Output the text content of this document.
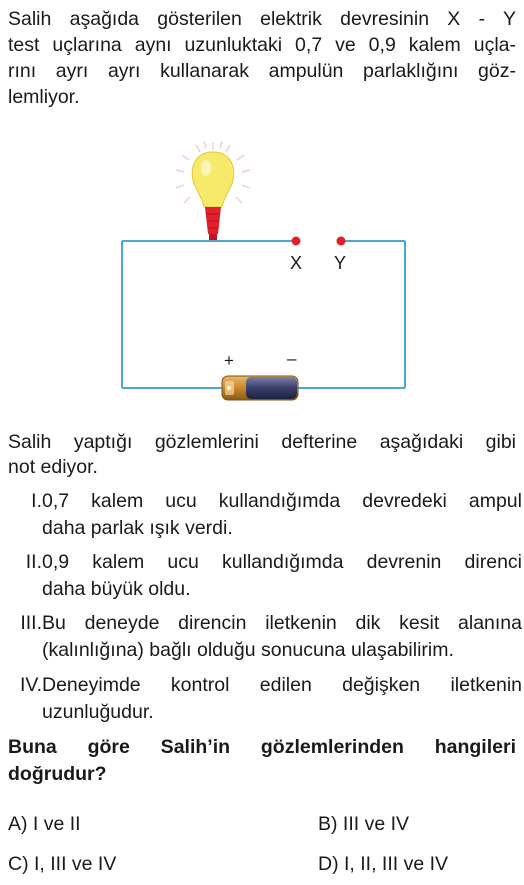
Salih aşağıda gösterilen elektrik devresinin X - Y
test uçlarına aynı uzunluktaki 0,7 ve 0,9 kalem uçla-
rını ayrı ayrı kullanarak ampulün parlaklığını göz-
lemliyor.

X Y
+	–

Salih yaptığı gözlemlerini defterine aşağıdaki gibi
not ediyor.

I. 0,7 kalem ucu kullandığımda devredeki ampul
daha parlak ışık verdi.
II. 0,9 kalem ucu kullandığımda devrenin direnci
daha büyük oldu.
III. Bu deneyde direncin iletkenin dik kesit alanına
(kalınlığına) bağlı olduğu sonucuna ulaşabilirim.
IV. Deneyimde kontrol edilen değişken iletkenin
uzunluğudur.

Buna göre Salih’in gözlemlerinden hangileri
doğrudur?

A) I ve II	B) III ve IV
C) I, III ve IV	D) I, II, III ve IV
